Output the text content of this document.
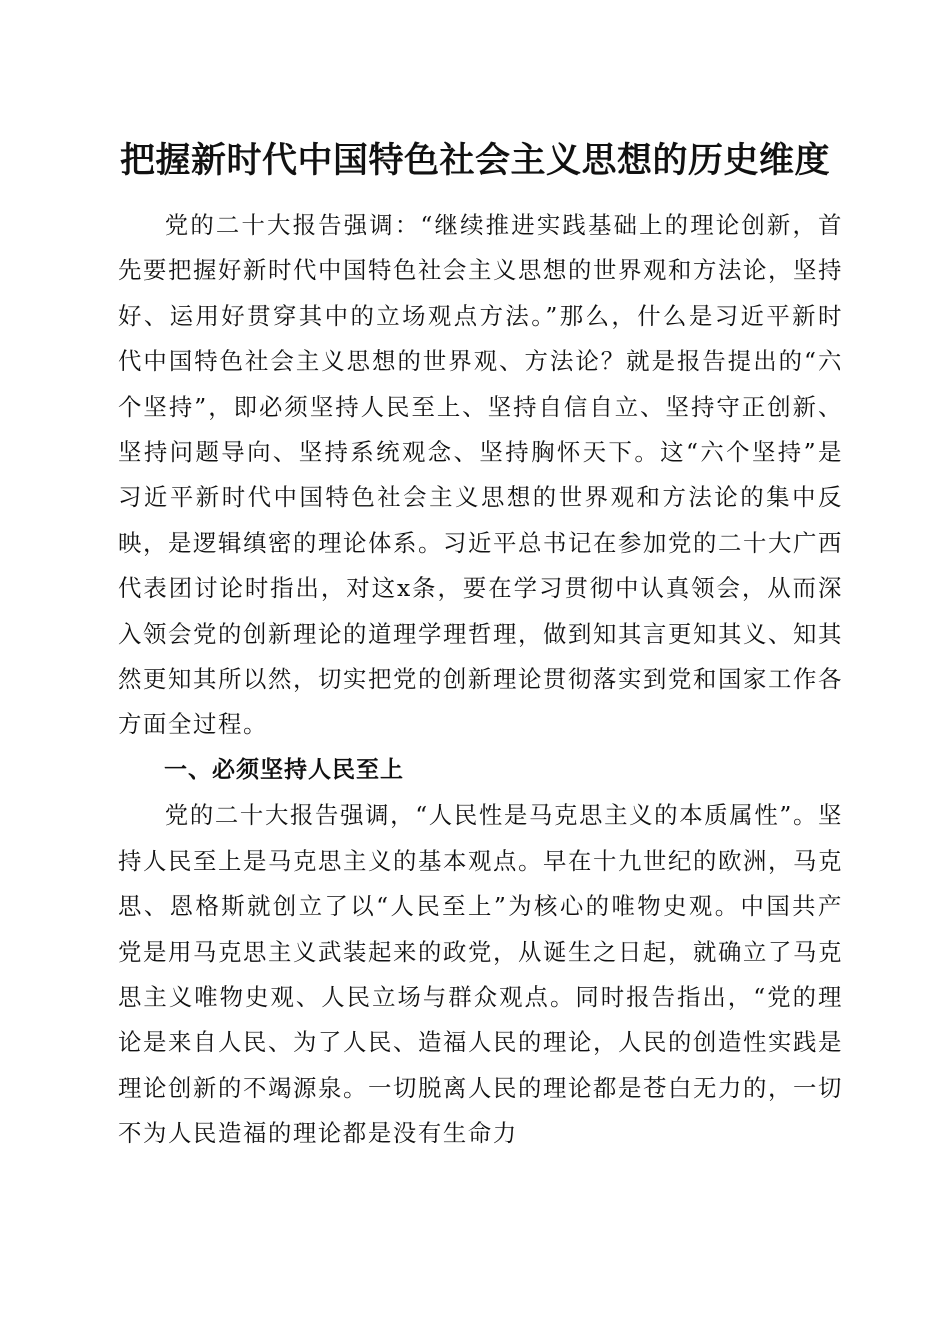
把握新时代中国特色社会主义思想的历史维度

党的二十大报告强调：“继续推进实践基础上的理论创新，首先要把握好新时代中国特色社会主义思想的世界观和方法论，坚持好、运用好贯穿其中的立场观点方法。”那么，什么是习近平新时代中国特色社会主义思想的世界观、方法论？就是报告提出的“六个坚持”，即必须坚持人民至上、坚持自信自立、坚持守正创新、坚持问题导向、坚持系统观念、坚持胸怀天下。这“六个坚持”是习近平新时代中国特色社会主义思想的世界观和方法论的集中反映，是逻辑缜密的理论体系。习近平总书记在参加党的二十大广西代表团讨论时指出，对这x条，要在学习贯彻中认真领会，从而深入领会党的创新理论的道理学理哲理，做到知其言更知其义、知其然更知其所以然，切实把党的创新理论贯彻落实到党和国家工作各方面全过程。

一、必须坚持人民至上

党的二十大报告强调，“人民性是马克思主义的本质属性”。坚持人民至上是马克思主义的基本观点。早在十九世纪的欧洲，马克思、恩格斯就创立了以“人民至上”为核心的唯物史观。中国共产党是用马克思主义武装起来的政党，从诞生之日起，就确立了马克思主义唯物史观、人民立场与群众观点。同时报告指出，“党的理论是来自人民、为了人民、造福人民的理论，人民的创造性实践是理论创新的不竭源泉。一切脱离人民的理论都是苍白无力的，一切不为人民造福的理论都是没有生命力
